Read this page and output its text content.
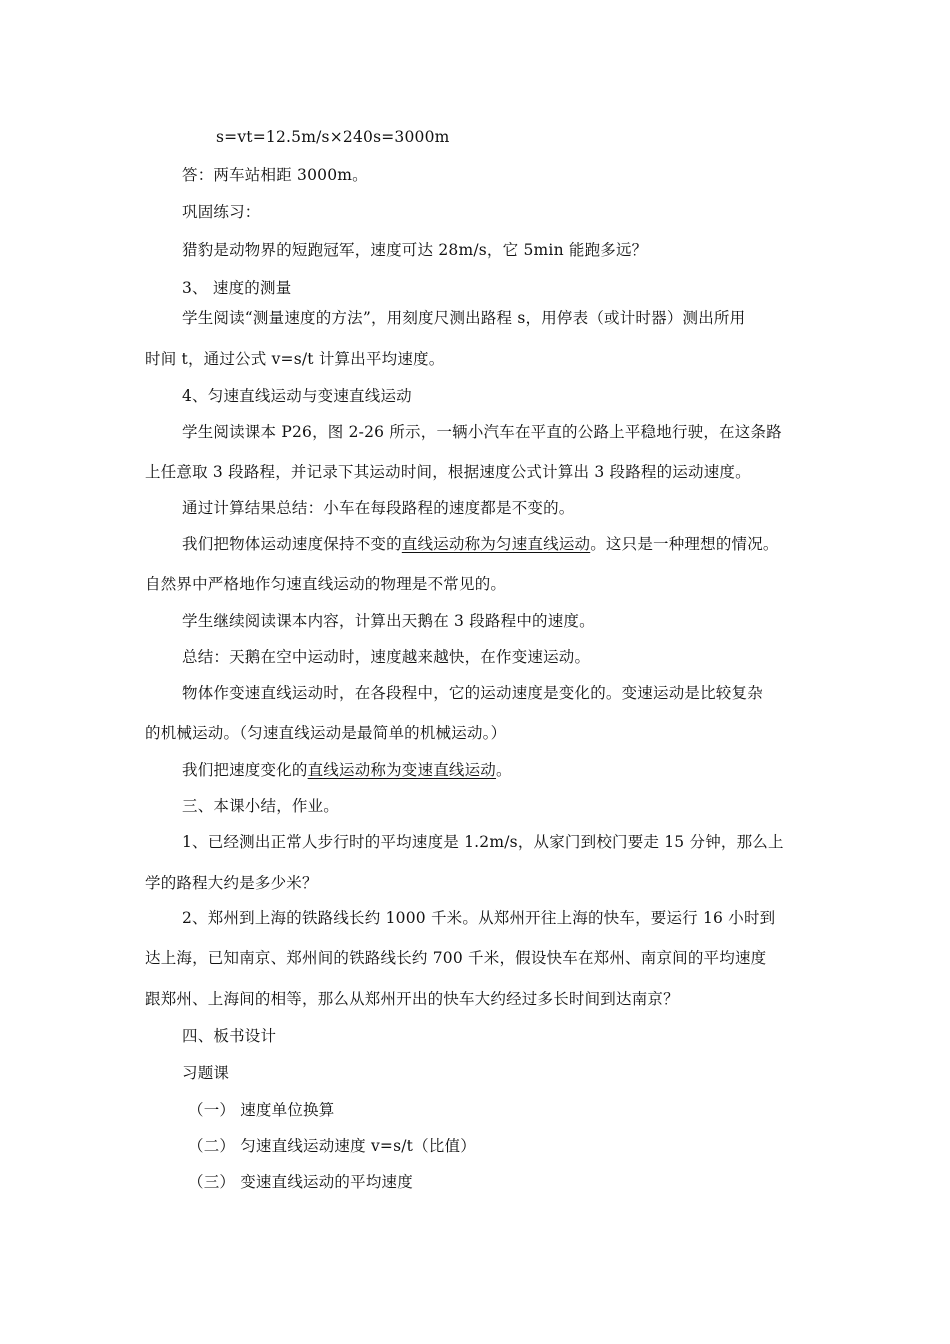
s=vt=12.5m/s×240s=3000m
答：两车站相距 3000m。
巩固练习：
猎豹是动物界的短跑冠军，速度可达 28m/s，它 5min 能跑多远？
3、 速度的测量
学生阅读“测量速度的方法”，用刻度尺测出路程 s，用停表（或计时器）测出所用
时间 t，通过公式 v=s/t 计算出平均速度。
4、匀速直线运动与变速直线运动
学生阅读课本 P26，图 2-26 所示，一辆小汽车在平直的公路上平稳地行驶，在这条路
上任意取 3 段路程，并记录下其运动时间，根据速度公式计算出 3 段路程的运动速度。
通过计算结果总结：小车在每段路程的速度都是不变的。
我们把物体运动速度保持不变的直线运动称为匀速直线运动。这只是一种理想的情况。
自然界中严格地作匀速直线运动的物理是不常见的。
学生继续阅读课本内容，计算出天鹅在 3 段路程中的速度。
总结：天鹅在空中运动时，速度越来越快，在作变速运动。
物体作变速直线运动时，在各段程中，它的运动速度是变化的。变速运动是比较复杂
的机械运动。（匀速直线运动是最简单的机械运动。）
我们把速度变化的直线运动称为变速直线运动。
三、本课小结，作业。
1、已经测出正常人步行时的平均速度是 1.2m/s，从家门到校门要走 15 分钟，那么上
学的路程大约是多少米？
2、郑州到上海的铁路线长约 1000 千米。从郑州开往上海的快车，要运行 16 小时到
达上海，已知南京、郑州间的铁路线长约 700 千米，假设快车在郑州、南京间的平均速度
跟郑州、上海间的相等，那么从郑州开出的快车大约经过多长时间到达南京？
四、板书设计
习题课
（一） 速度单位换算
（二） 匀速直线运动速度 v=s/t（比值）
（三） 变速直线运动的平均速度
